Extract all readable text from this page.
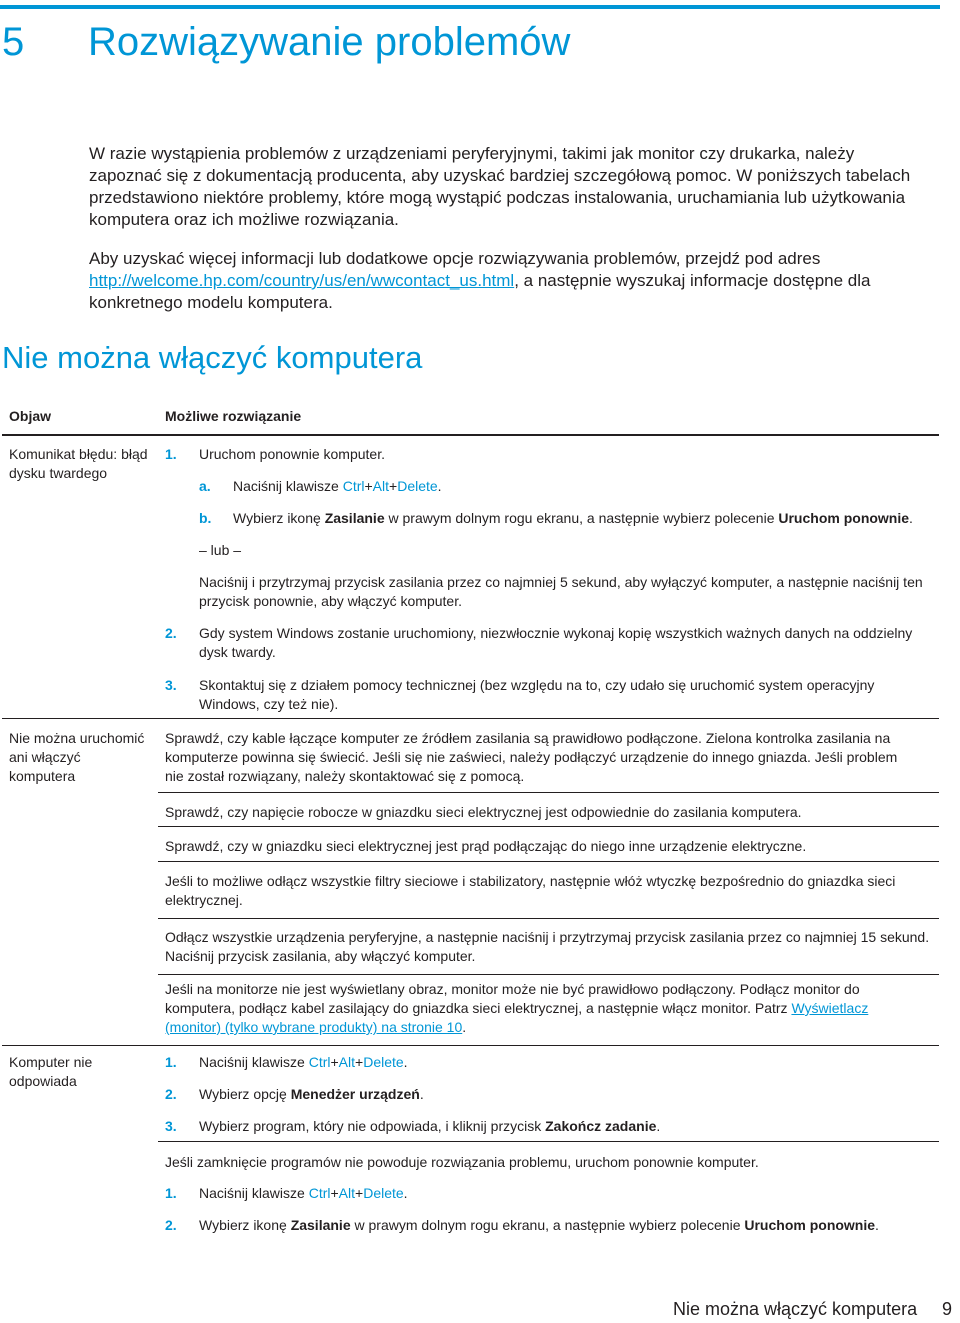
5 Rozwiązywanie problemów
W razie wystąpienia problemów z urządzeniami peryferyjnymi, takimi jak monitor czy drukarka, należy zapoznać się z dokumentacją producenta, aby uzyskać bardziej szczegółową pomoc. W poniższych tabelach przedstawiono niektóre problemy, które mogą wystąpić podczas instalowania, uruchamiania lub użytkowania komputera oraz ich możliwe rozwiązania.
Aby uzyskać więcej informacji lub dodatkowe opcje rozwiązywania problemów, przejdź pod adres http://welcome.hp.com/country/us/en/wwcontact_us.html, a następnie wyszukaj informacje dostępne dla konkretnego modelu komputera.
Nie można włączyć komputera
Objaw	Możliwe rozwiązanie
Komunikat błędu: błąd dysku twardego
1. Uruchom ponownie komputer.
a. Naciśnij klawisze Ctrl+Alt+Delete.
b. Wybierz ikonę Zasilanie w prawym dolnym rogu ekranu, a następnie wybierz polecenie Uruchom ponownie.
– lub –
Naciśnij i przytrzymaj przycisk zasilania przez co najmniej 5 sekund, aby wyłączyć komputer, a następnie naciśnij ten przycisk ponownie, aby włączyć komputer.
2. Gdy system Windows zostanie uruchomiony, niezwłocznie wykonaj kopię wszystkich ważnych danych na oddzielny dysk twardy.
3. Skontaktuj się z działem pomocy technicznej (bez względu na to, czy udało się uruchomić system operacyjny Windows, czy też nie).
Nie można uruchomić ani włączyć komputera
Sprawdź, czy kable łączące komputer ze źródłem zasilania są prawidłowo podłączone. Zielona kontrolka zasilania na komputerze powinna się świecić. Jeśli się nie zaświeci, należy podłączyć urządzenie do innego gniazda. Jeśli problem nie został rozwiązany, należy skontaktować się z pomocą.
Sprawdź, czy napięcie robocze w gniazdku sieci elektrycznej jest odpowiednie do zasilania komputera.
Sprawdź, czy w gniazdku sieci elektrycznej jest prąd podłączając do niego inne urządzenie elektryczne.
Jeśli to możliwe odłącz wszystkie filtry sieciowe i stabilizatory, następnie włóż wtyczkę bezpośrednio do gniazdka sieci elektrycznej.
Odłącz wszystkie urządzenia peryferyjne, a następnie naciśnij i przytrzymaj przycisk zasilania przez co najmniej 15 sekund. Naciśnij przycisk zasilania, aby włączyć komputer.
Jeśli na monitorze nie jest wyświetlany obraz, monitor może nie być prawidłowo podłączony. Podłącz monitor do komputera, podłącz kabel zasilający do gniazdka sieci elektrycznej, a następnie włącz monitor. Patrz Wyświetlacz (monitor) (tylko wybrane produkty) na stronie 10.
Komputer nie odpowiada
1. Naciśnij klawisze Ctrl+Alt+Delete.
2. Wybierz opcję Menedżer urządzeń.
3. Wybierz program, który nie odpowiada, i kliknij przycisk Zakończ zadanie.
Jeśli zamknięcie programów nie powoduje rozwiązania problemu, uruchom ponownie komputer.
1. Naciśnij klawisze Ctrl+Alt+Delete.
2. Wybierz ikonę Zasilanie w prawym dolnym rogu ekranu, a następnie wybierz polecenie Uruchom ponownie.
Nie można włączyć komputera 9
